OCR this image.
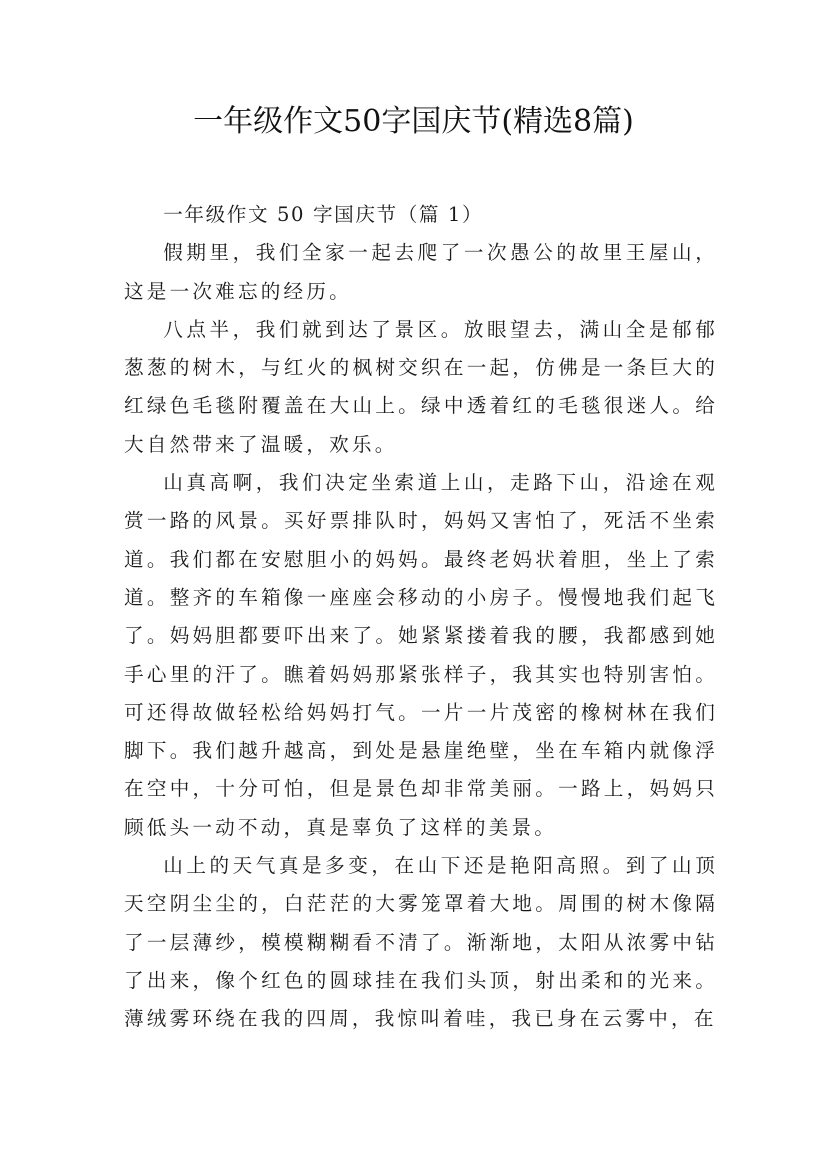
一年级作文50字国庆节(精选8篇)

一年级作文 50 字国庆节（篇 1）

假期里，我们全家一起去爬了一次愚公的故里王屋山，这是一次难忘的经历。

八点半，我们就到达了景区。放眼望去，满山全是郁郁葱葱的树木，与红火的枫树交织在一起，仿佛是一条巨大的红绿色毛毯附覆盖在大山上。绿中透着红的毛毯很迷人。给大自然带来了温暖，欢乐。

山真高啊，我们决定坐索道上山，走路下山，沿途在观赏一路的风景。买好票排队时，妈妈又害怕了，死活不坐索道。我们都在安慰胆小的妈妈。最终老妈状着胆，坐上了索道。整齐的车箱像一座座会移动的小房子。慢慢地我们起飞了。妈妈胆都要吓出来了。她紧紧搂着我的腰，我都感到她手心里的汗了。瞧着妈妈那紧张样子，我其实也特别害怕。可还得故做轻松给妈妈打气。一片一片茂密的橡树林在我们脚下。我们越升越高，到处是悬崖绝壁，坐在车箱内就像浮在空中，十分可怕，但是景色却非常美丽。一路上，妈妈只顾低头一动不动，真是辜负了这样的美景。

山上的天气真是多变，在山下还是艳阳高照。到了山顶天空阴尘尘的，白茫茫的大雾笼罩着大地。周围的树木像隔了一层薄纱，模模糊糊看不清了。渐渐地，太阳从浓雾中钻了出来，像个红色的圆球挂在我们头顶，射出柔和的光来。薄绒雾环绕在我的四周，我惊叫着哇，我已身在云雾中，在
